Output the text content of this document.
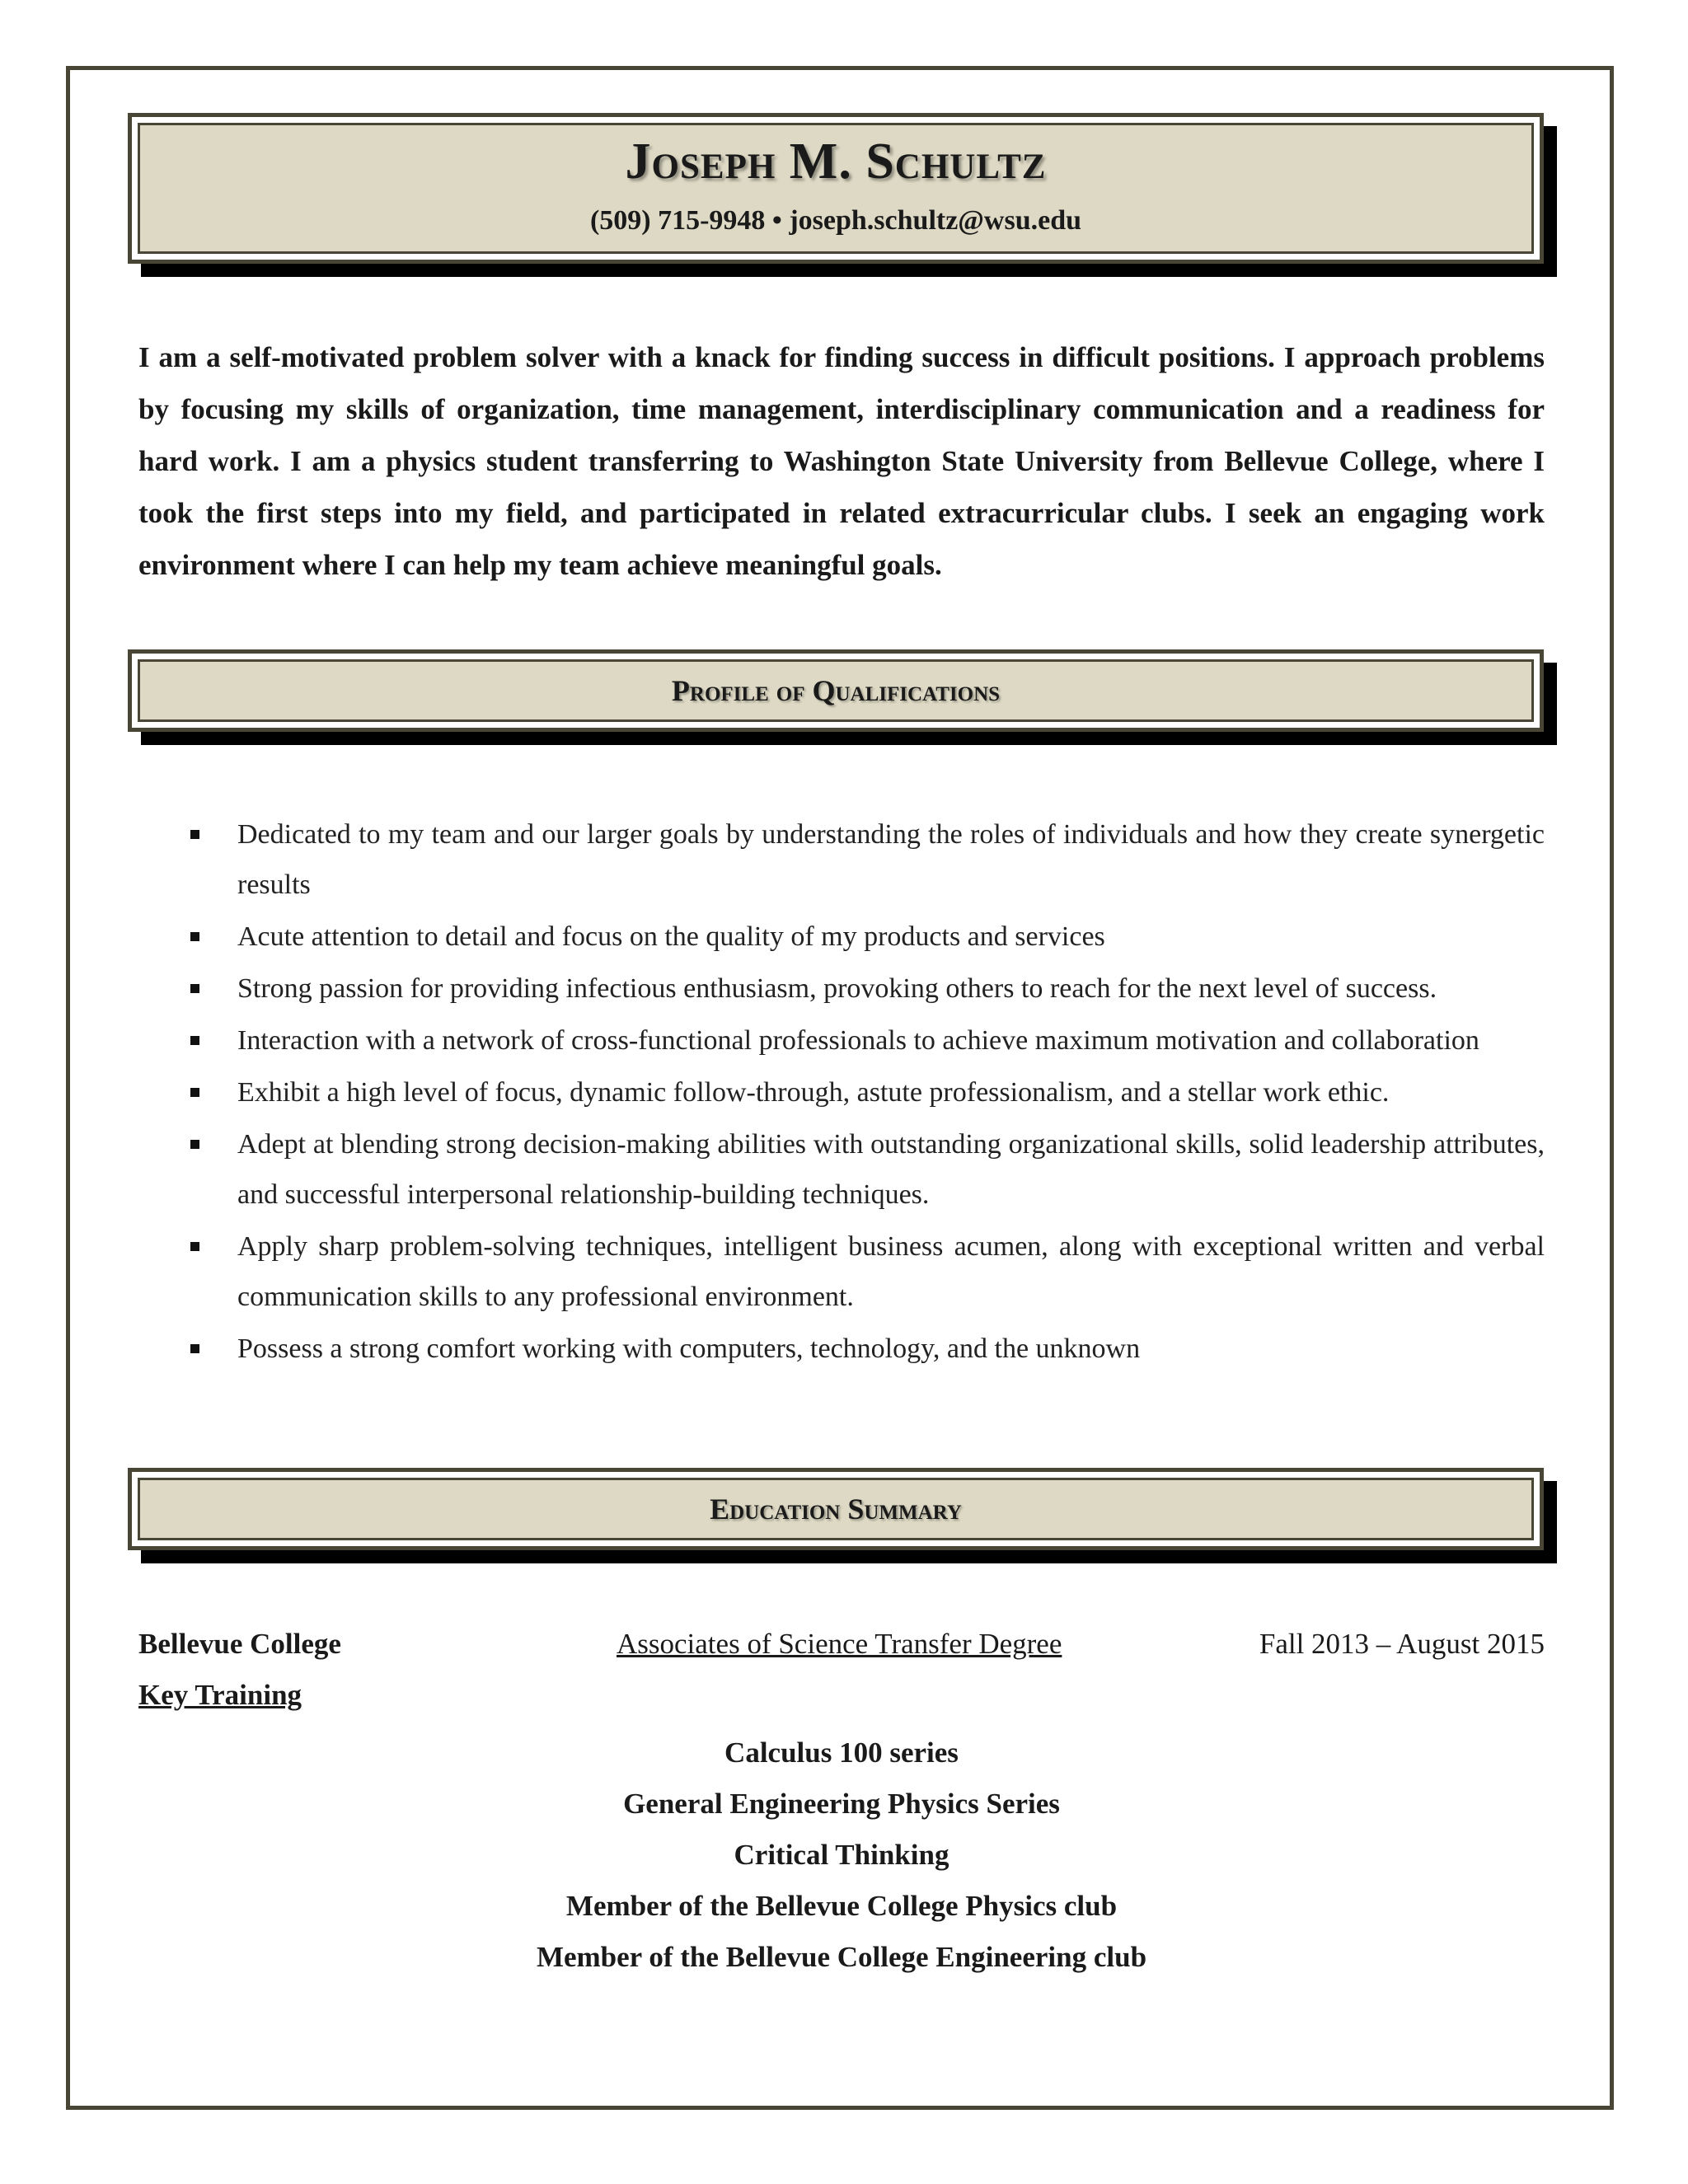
Joseph M. Schultz
(509) 715-9948 • joseph.schultz@wsu.edu
I am a self-motivated problem solver with a knack for finding success in difficult positions. I approach problems by focusing my skills of organization, time management, interdisciplinary communication and a readiness for hard work. I am a physics student transferring to Washington State University from Bellevue College, where I took the first steps into my field, and participated in related extracurricular clubs. I seek an engaging work environment where I can help my team achieve meaningful goals.
Profile of Qualifications
Dedicated to my team and our larger goals by understanding the roles of individuals and how they create synergetic results
Acute attention to detail and focus on the quality of my products and services
Strong passion for providing infectious enthusiasm, provoking others to reach for the next level of success.
Interaction with a network of cross-functional professionals to achieve maximum motivation and collaboration
Exhibit a high level of focus, dynamic follow-through, astute professionalism, and a stellar work ethic.
Adept at blending strong decision-making abilities with outstanding organizational skills, solid leadership attributes, and successful interpersonal relationship-building techniques.
Apply sharp problem-solving techniques, intelligent business acumen, along with exceptional written and verbal communication skills to any professional environment.
Possess a strong comfort working with computers, technology, and the unknown
Education Summary
Bellevue College	Associates of Science Transfer Degree	Fall 2013 – August 2015
Key Training
Calculus 100 series
General Engineering Physics Series
Critical Thinking
Member of the Bellevue College Physics club
Member of the Bellevue College Engineering club
